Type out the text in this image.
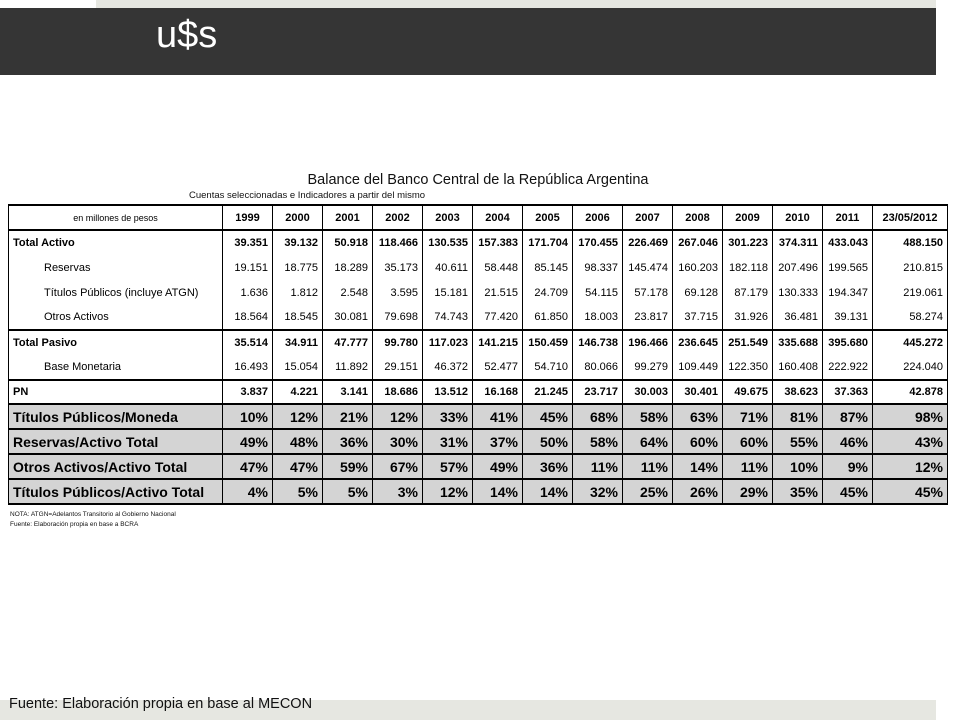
u$s
Balance del Banco Central de la República Argentina
Cuentas seleccionadas e Indicadores a partir del mismo
en millones de pesos	1999	2000	2001	2002	2003	2004	2005	2006	2007	2008	2009	2010	2011	23/05/2012
Total Activo	39.351	39.132	50.918	118.466	130.535	157.383	171.704	170.455	226.469	267.046	301.223	374.311	433.043	488.150
Reservas	19.151	18.775	18.289	35.173	40.611	58.448	85.145	98.337	145.474	160.203	182.118	207.496	199.565	210.815
Títulos Públicos (incluye ATGN)	1.636	1.812	2.548	3.595	15.181	21.515	24.709	54.115	57.178	69.128	87.179	130.333	194.347	219.061
Otros Activos	18.564	18.545	30.081	79.698	74.743	77.420	61.850	18.003	23.817	37.715	31.926	36.481	39.131	58.274
Total Pasivo	35.514	34.911	47.777	99.780	117.023	141.215	150.459	146.738	196.466	236.645	251.549	335.688	395.680	445.272
Base Monetaria	16.493	15.054	11.892	29.151	46.372	52.477	54.710	80.066	99.279	109.449	122.350	160.408	222.922	224.040
PN	3.837	4.221	3.141	18.686	13.512	16.168	21.245	23.717	30.003	30.401	49.675	38.623	37.363	42.878
Títulos Públicos/Moneda	10%	12%	21%	12%	33%	41%	45%	68%	58%	63%	71%	81%	87%	98%
Reservas/Activo Total	49%	48%	36%	30%	31%	37%	50%	58%	64%	60%	60%	55%	46%	43%
Otros Activos/Activo Total	47%	47%	59%	67%	57%	49%	36%	11%	11%	14%	11%	10%	9%	12%
Títulos Públicos/Activo Total	4%	5%	5%	3%	12%	14%	14%	32%	25%	26%	29%	35%	45%	45%
NOTA: ATGN=Adelantos Transitorio al Gobierno Nacional
Fuente: Elaboración propia en base a BCRA
Fuente: Elaboración propia en base al MECON
